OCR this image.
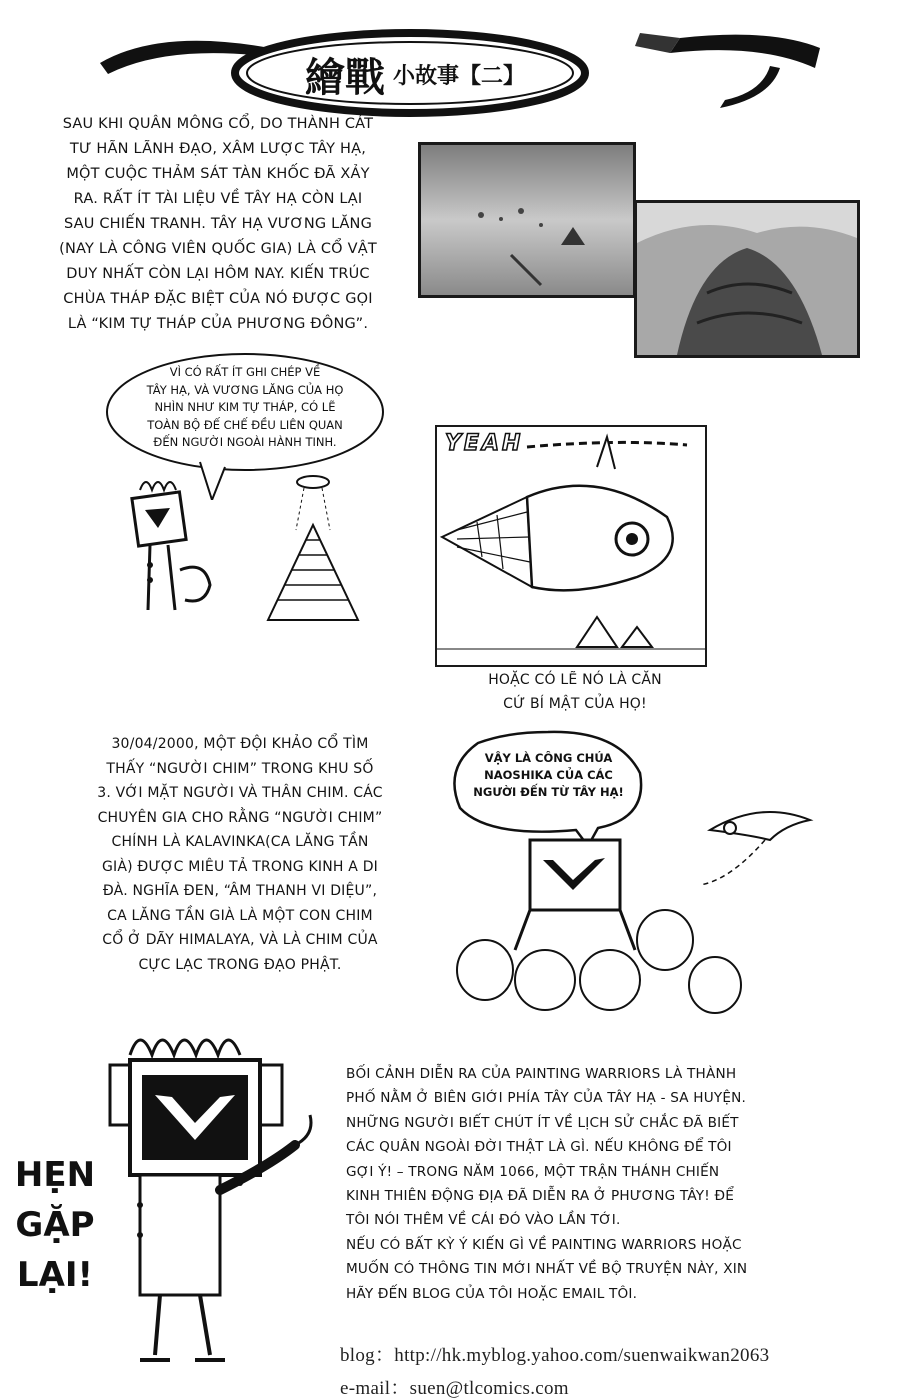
繪戰 小故事【二】
SAU KHI QUÂN MÔNG CỔ, DO THÀNH CÁT
TƯ HÃN LÃNH ĐẠO, XÂM LƯỢC TÂY HẠ,
MỘT CUỘC THẢM SÁT TÀN KHỐC ĐÃ XẢY
RA. RẤT ÍT TÀI LIỆU VỀ TÂY HẠ CÒN LẠI
SAU CHIẾN TRANH. TÂY HẠ VƯƠNG LĂNG
(NAY LÀ CÔNG VIÊN QUỐC GIA) LÀ CỔ VẬT
DUY NHẤT CÒN LẠI HÔM NAY. KIẾN TRÚC
CHÙA THÁP ĐẶC BIỆT CỦA NÓ ĐƯỢC GỌI
LÀ “KIM TỰ THÁP CỦA PHƯƠNG ĐÔNG”.
VÌ CÓ RẤT ÍT GHI CHÉP VỀ
TÂY HẠ, VÀ VƯƠNG LĂNG CỦA HỌ
NHÌN NHƯ KIM TỰ THÁP, CÓ LẼ
TOÀN BỘ ĐẾ CHẾ ĐỀU LIÊN QUAN
ĐẾN NGƯỜI NGOÀI HÀNH TINH.	YEAH
HOẶC CÓ LẼ NÓ LÀ CĂN
CỨ BÍ MẬT CỦA HỌ!
30/04/2000, MỘT ĐỘI KHẢO CỔ TÌM
THẤY “NGƯỜI CHIM” TRONG KHU SỐ
3. VỚI MẶT NGƯỜI VÀ THÂN CHIM. CÁC
CHUYÊN GIA CHO RẰNG “NGƯỜI CHIM”
CHÍNH LÀ KALAVINKA(CA LĂNG TẦN
GIÀ) ĐƯỢC MIÊU TẢ TRONG KINH A DI
ĐÀ. NGHĨA ĐEN, “ÂM THANH VI DIỆU”,
CA LĂNG TẦN GIÀ LÀ MỘT CON CHIM
CỔ Ở DÃY HIMALAYA, VÀ LÀ CHIM CỦA
CỰC LẠC TRONG ĐẠO PHẬT.
VẬY LÀ CÔNG CHÚA
NAOSHIKA CỦA CÁC
NGƯỜI ĐẾN TỪ TÂY HẠ!
HẸN
GẶP
LẠI!
BỐI CẢNH DIỄN RA CỦA PAINTING WARRIORS LÀ THÀNH
PHỐ NẰM Ở BIÊN GIỚI PHÍA TÂY CỦA TÂY HẠ - SA HUYỆN.
NHỮNG NGƯỜI BIẾT CHÚT ÍT VỀ LỊCH SỬ CHẮC ĐÃ BIẾT
CÁC QUÂN NGOÀI ĐỜI THẬT LÀ GÌ. NẾU KHÔNG ĐỂ TÔI
GỢI Ý! – TRONG NĂM 1066, MỘT TRẬN THÁNH CHIẾN
KINH THIÊN ĐỘNG ĐỊA ĐÃ DIỄN RA Ở PHƯƠNG TÂY! ĐỂ
TÔI NÓI THÊM VỀ CÁI ĐÓ VÀO LẦN TỚI.
NẾU CÓ BẤT KỲ Ý KIẾN GÌ VỀ PAINTING WARRIORS HOẶC
MUỐN CÓ THÔNG TIN MỚI NHẤT VỀ BỘ TRUYỆN NÀY, XIN
HÃY ĐẾN BLOG CỦA TÔI HOẶC EMAIL TÔI.
blog：http://hk.myblog.yahoo.com/suenwaikwan2063
e-mail：suen@tlcomics.com
